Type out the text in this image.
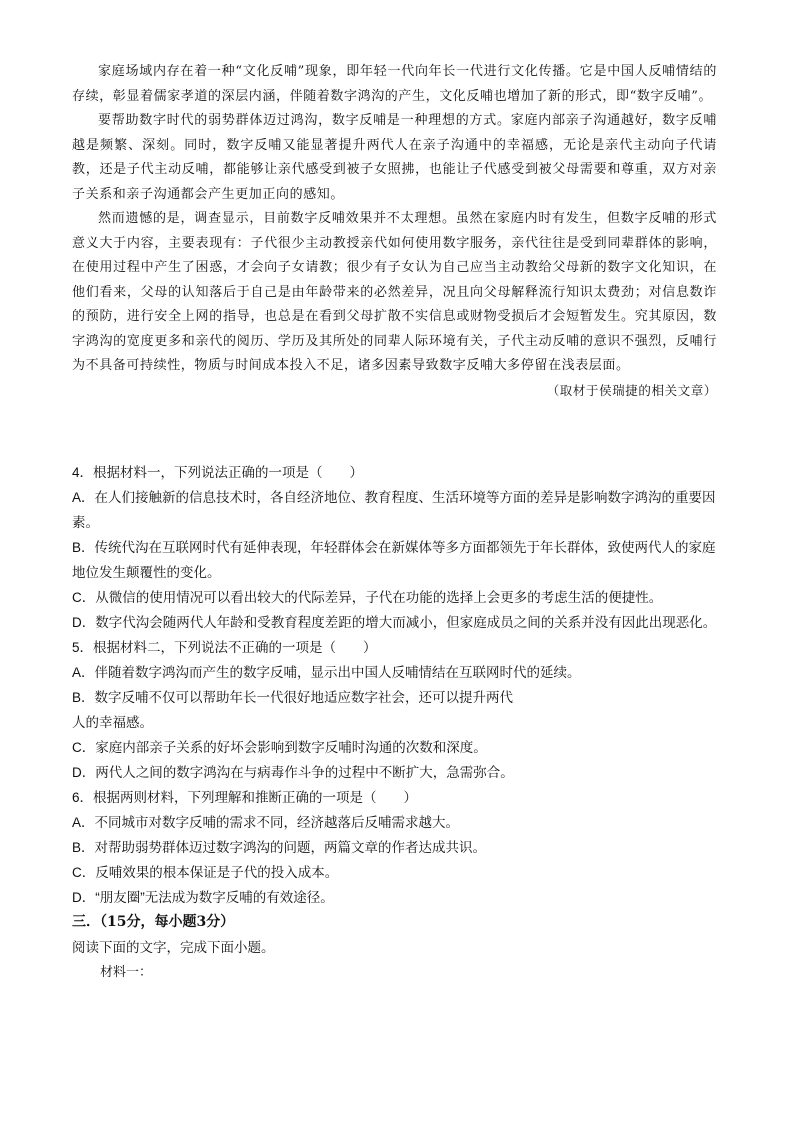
家庭场域内存在着一种“文化反哺”现象，即年轻一代向年长一代进行文化传播。它是中国人反哺情结的存续，彰显着儒家孝道的深层内涵，伴随着数字鸿沟的产生，文化反哺也增加了新的形式，即“数字反哺”。

要帮助数字时代的弱势群体迈过鸿沟，数字反哺是一种理想的方式。家庭内部亲子沟通越好，数字反哺越是频繁、深刻。同时，数字反哺又能显著提升两代人在亲子沟通中的幸福感，无论是亲代主动向子代请教，还是子代主动反哺，都能够让亲代感受到被子女照拂，也能让子代感受到被父母需要和尊重，双方对亲子关系和亲子沟通都会产生更加正向的感知。

然而遗憾的是，调查显示，目前数字反哺效果并不太理想。虽然在家庭内时有发生，但数字反哺的形式意义大于内容，主要表现有：子代很少主动教授亲代如何使用数字服务，亲代往往是受到同辈群体的影响，在使用过程中产生了困惑，才会向子女请教；很少有子女认为自己应当主动教给父母新的数字文化知识，在他们看来，父母的认知落后于自己是由年龄带来的必然差异，况且向父母解释流行知识太费劲；对信息数诈的预防，进行安全上网的指导，也总是在看到父母扩散不实信息或财物受损后才会短暂发生。究其原因，数字鸿沟的宽度更多和亲代的阅历、学历及其所处的同辈人际环境有关，子代主动反哺的意识不强烈，反哺行为不具备可持续性，物质与时间成本投入不足，诸多因素导致数字反哺大多停留在浅表层面。

（取材于侯瑞捷的相关文章）

4．根据材料一，下列说法正确的一项是（　　）

A．在人们接触新的信息技术时，各自经济地位、教育程度、生活环境等方面的差异是影响数字鸿沟的重要因素。

B．传统代沟在互联网时代有延伸表现，年轻群体会在新媒体等多方面都领先于年长群体，致使两代人的家庭地位发生颠覆性的变化。

C．从微信的使用情况可以看出较大的代际差异，子代在功能的选择上会更多的考虑生活的便捷性。

D．数字代沟会随两代人年龄和受教育程度差距的增大而减小，但家庭成员之间的关系并没有因此出现恶化。

5．根据材料二，下列说法不正确的一项是（　　）

A．伴随着数字鸿沟而产生的数字反哺，显示出中国人反哺情结在互联网时代的延续。

B．数字反哺不仅可以帮助年长一代很好地适应数字社会，还可以提升两代

人的幸福感。

C．家庭内部亲子关系的好坏会影响到数字反哺时沟通的次数和深度。

D．两代人之间的数字鸿沟在与病毒作斗争的过程中不断扩大，急需弥合。

6．根据两则材料，下列理解和推断正确的一项是（　　）

A．不同城市对数字反哺的需求不同，经济越落后反哺需求越大。

B．对帮助弱势群体迈过数字鸿沟的问题，两篇文章的作者达成共识。

C．反哺效果的根本保证是子代的投入成本。

D．“朋友圈”无法成为数字反哺的有效途径。

三．（15分，每小题3分）

阅读下面的文字，完成下面小题。

材料一：
